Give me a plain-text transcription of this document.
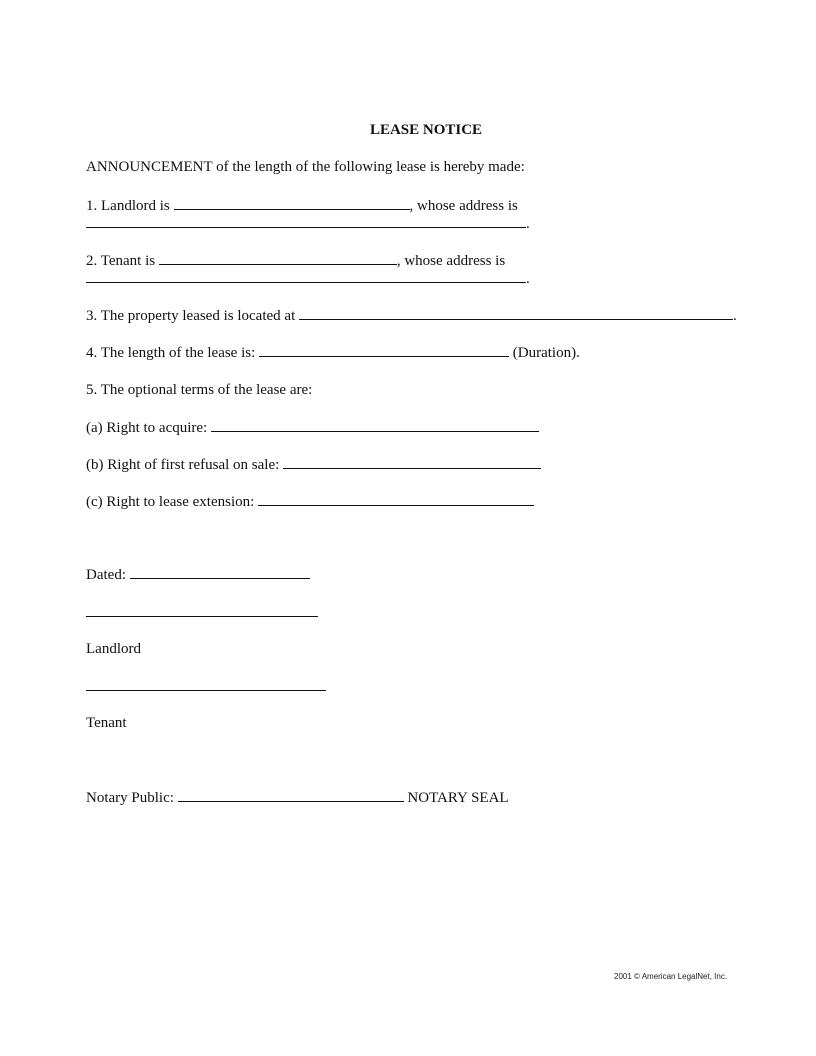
LEASE NOTICE
ANNOUNCEMENT of the length of the following lease is hereby made:
1. Landlord is	, whose address is
.
2. Tenant is	, whose address is
.
3. The property leased is located at	.
4. The length of the lease is:	(Duration).
5. The optional terms of the lease are:
(a) Right to acquire:
(b) Right of first refusal on sale:
(c) Right to lease extension:
Dated:
Landlord
Tenant
Notary Public:	NOTARY SEAL
2001 © American LegalNet, Inc.
